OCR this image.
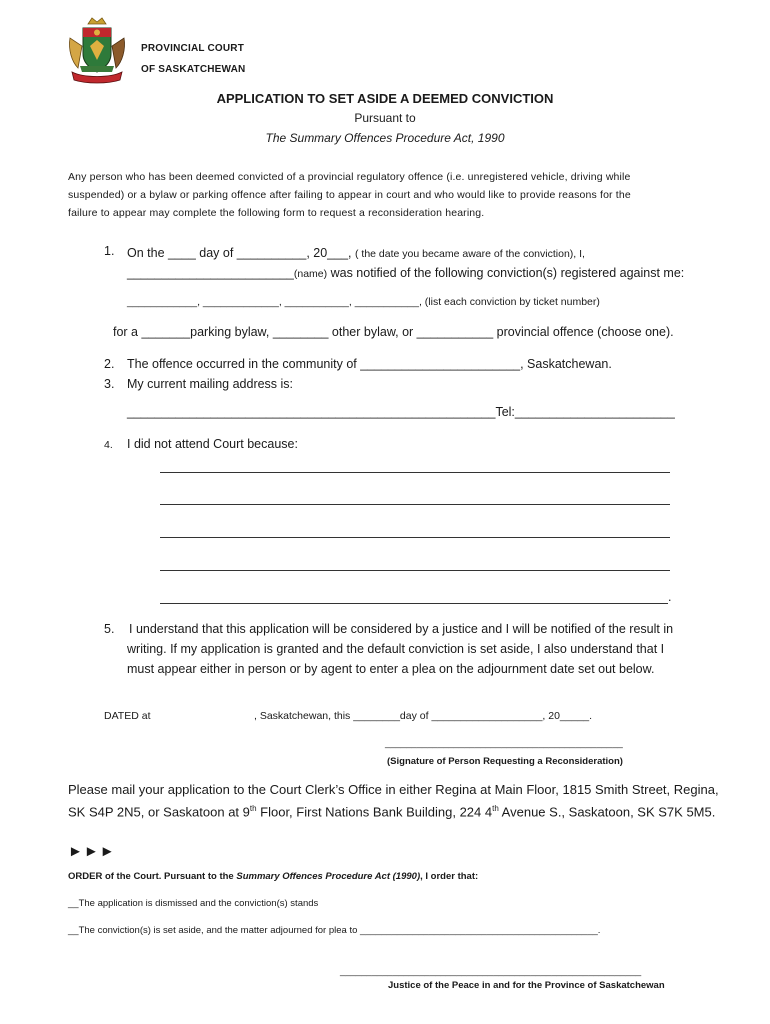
PROVINCIAL COURT
OF SASKATCHEWAN
APPLICATION TO SET ASIDE A DEEMED CONVICTION
Pursuant to
The Summary Offences Procedure Act, 1990
Any person who has been deemed convicted of a provincial regulatory offence (i.e. unregistered vehicle, driving while
suspended) or a bylaw or parking offence after failing to appear in court and who would like to provide reasons for the
failure to appear may complete the following form to request a reconsideration hearing.
1. On the ____ day of __________, 20___, ( the date you became aware of the conviction), I,
________________________(name) was notified of the following conviction(s) registered against me:
____________, _____________, ___________, ___________, (list each conviction by ticket number)
for a _______parking bylaw, ________ other bylaw, or ___________ provincial offence (choose one).
2. The offence occurred in the community of _______________________, Saskatchewan.
3. My current mailing address is:
_____________________________________________________Tel:_______________________
4. I did not attend Court because:
.
5. I understand that this application will be considered by a justice and I will be notified of the result in
writing. If my application is granted and the default conviction is set aside, I also understand that I
must appear either in person or by agent to enter a plea on the adjournment date set out below.
DATED at	, Saskatchewan, this ________day of ___________________, 20_____.
_____________________________________________
(Signature of Person Requesting a Reconsideration)
Please mail your application to the Court Clerk’s Office in either Regina at Main Floor, 1815 Smith Street, Regina,
SK S4P 2N5, or Saskatoon at 9th Floor, First Nations Bank Building, 224 4th Avenue S., Saskatoon, SK S7K 5M5.
►►►
ORDER of the Court. Pursuant to the Summary Offences Procedure Act (1990), I order that:
__The application is dismissed and the conviction(s) stands
__The conviction(s) is set aside, and the matter adjourned for plea to _____________________________________________.
_________________________________________________________
Justice of the Peace in and for the Province of Saskatchewan
